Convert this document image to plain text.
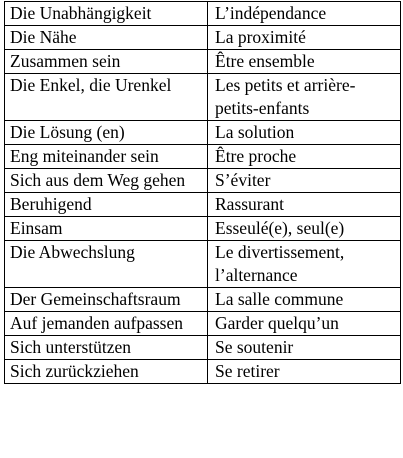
Die Unabhängigkeit	L’indépendance
Die Nähe	La proximité
Zusammen sein	Être ensemble
Die Enkel, die Urenkel	Les petits et arrière-petits-enfants
Die Lösung (en)	La solution
Eng miteinander sein	Être proche
Sich aus dem Weg gehen	S’éviter
Beruhigend	Rassurant
Einsam	Esseulé(e), seul(e)
Die Abwechslung	Le divertissement, l’alternance
Der Gemeinschaftsraum	La salle commune
Auf jemanden aufpassen	Garder quelqu’un
Sich unterstützen	Se soutenir
Sich zurückziehen	Se retirer
